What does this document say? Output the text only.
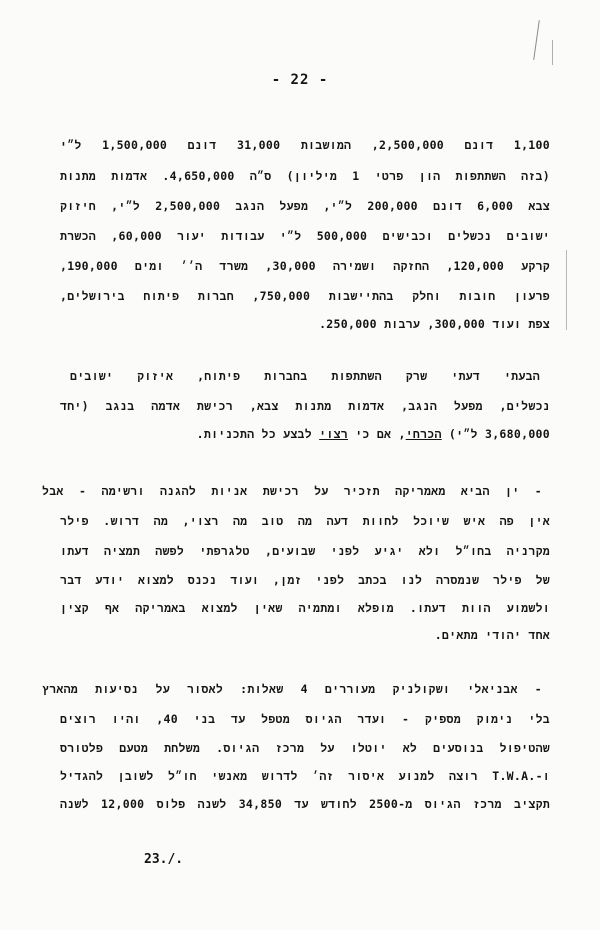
- 22 -
1,100 דונם 2,500,000, המושבות 31,000 דונם 1,500,000 ל״י
(בזה השתתפות הון פרטי 1 מיליון) ס״ה 4,650,000. אדמות מתנות
צבא 6,000 דונם 200,000 ל״י, מפעל הנגב 2,500,000 ל״י, חיזוק
ישובים נכשלים וכבישים 500,000 ל״י עבודות יעור 60,000, הכשרת
קרקע 120,000, החזקה ושמירה 30,000, משרד ה׳׳ ומים 190,000,
פרעון חובות וחלק בהתיישבות 750,000, חברות פיתוח בירושלים,
צפת ועוד 300,000, ערבות 250,000.
הבעתי דעתי שרק השתתפות בחברות פיתוח, איזוק ישובים
נכשלים, מפעל הנגב, אדמות מתנות צבא, רכישת אדמה בנגב (יחד
3,680,000 ל״י) הכרחי, אם כי רצוי לבצע כל התכניות.
- ין הביא מאמריקה תזכיר על רכישת אניות להגנה ורשימה - אבל
אין פה איש שיוכל לחוות דעה מה טוב מה רצוי, מה דרוש. פילר
מקרניה בחו״ל ולא יגיע לפני שבועים, טלגרפתי לפשה תמציה דעתו
של פילר שנמסרה לנו בכתב לפני זמן, ועוד נכנס למצוא יודע דבר
ולשמוע הוות דעתו. מופלא ומתמיה שאין למצוא באמריקה אף קצין
אחד יהודי מתאים.
- אבניאלי ושקולניק מעוררים 4 שאלות: לאסור על נסיעות מהארץ
בלי נימוק מספיק - ועדר הגיוס מטפל עד בני 40, והיו רוצים
שהטיפול בנוסעים לא יוטלו על מרכז הגיוס. משלחת מטעם פלטורס
ו-.T.W.A רוצה למנוע איסור זה׳ לדרוש מאנשי חו״ל לשובן להגדיל
תקציב מרכז הגיוס מ-2500 לחודש עד 34,850 לשנה פלוס 12,000 לשנה
23./.
